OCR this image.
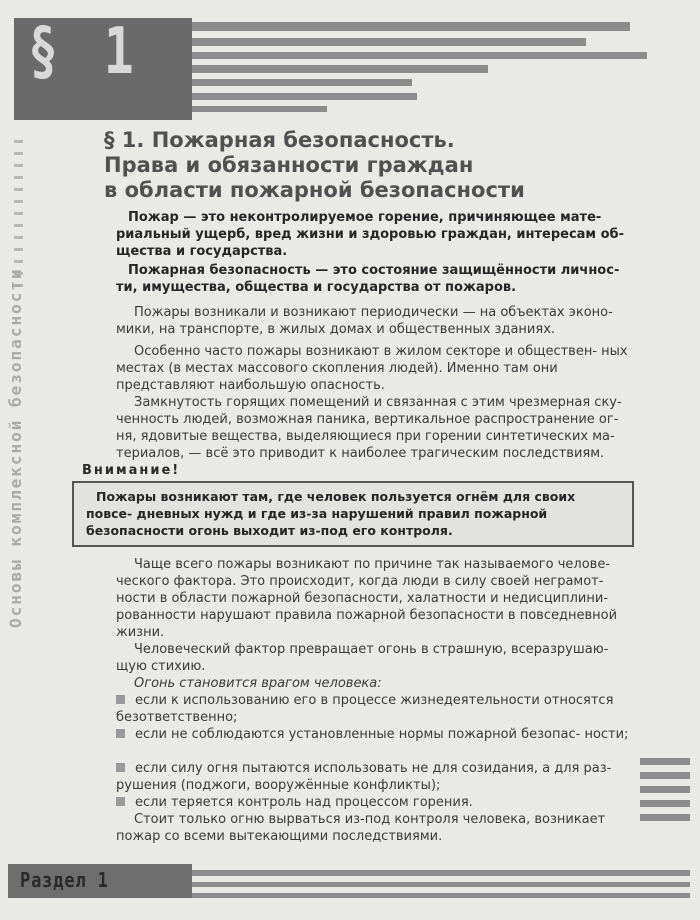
§ 1
Основы комплексной безопасности
§ 1. Пожарная безопасность.
Права и обязанности граждан
в области пожарной безопасности
Пожар — это неконтролируемое горение, причиняющее мате- риальный ущерб, вред жизни и здоровью граждан, интересам об- щества и государства.
Пожарная безопасность — это состояние защищённости личнос- ти, имущества, общества и государства от пожаров.
Пожары возникали и возникают периодически — на объектах эконо- мики, на транспорте, в жилых домах и общественных зданиях.
Особенно часто пожары возникают в жилом секторе и обществен- ных местах (в местах массового скопления людей). Именно там они представляют наибольшую опасность.
Замкнутость горящих помещений и связанная с этим чрезмерная ску- ченность людей, возможная паника, вертикальное распространение ог- ня, ядовитые вещества, выделяющиеся при горении синтетических ма- териалов, — всё это приводит к наиболее трагическим последствиям.
Внимание!
Пожары возникают там, где человек пользуется огнём для своих повсе- дневных нужд и где из-за нарушений правил пожарной безопасности огонь выходит из-под его контроля.
Чаще всего пожары возникают по причине так называемого челове- ческого фактора. Это происходит, когда люди в силу своей неграмот- ности в области пожарной безопасности, халатности и недисциплини- рованности нарушают правила пожарной безопасности в повседневной жизни.
Человеческий фактор превращает огонь в страшную, всеразрушаю- щую стихию.
Огонь становится врагом человека:
если к использованию его в процессе жизнедеятельности относятся безответственно;
если не соблюдаются установленные нормы пожарной безопас- ности;
если силу огня пытаются использовать не для созидания, а для раз- рушения (поджоги, вооружённые конфликты);
если теряется контроль над процессом горения.
Стоит только огню вырваться из-под контроля человека, возникает пожар со всеми вытекающими последствиями.
Раздел 1
